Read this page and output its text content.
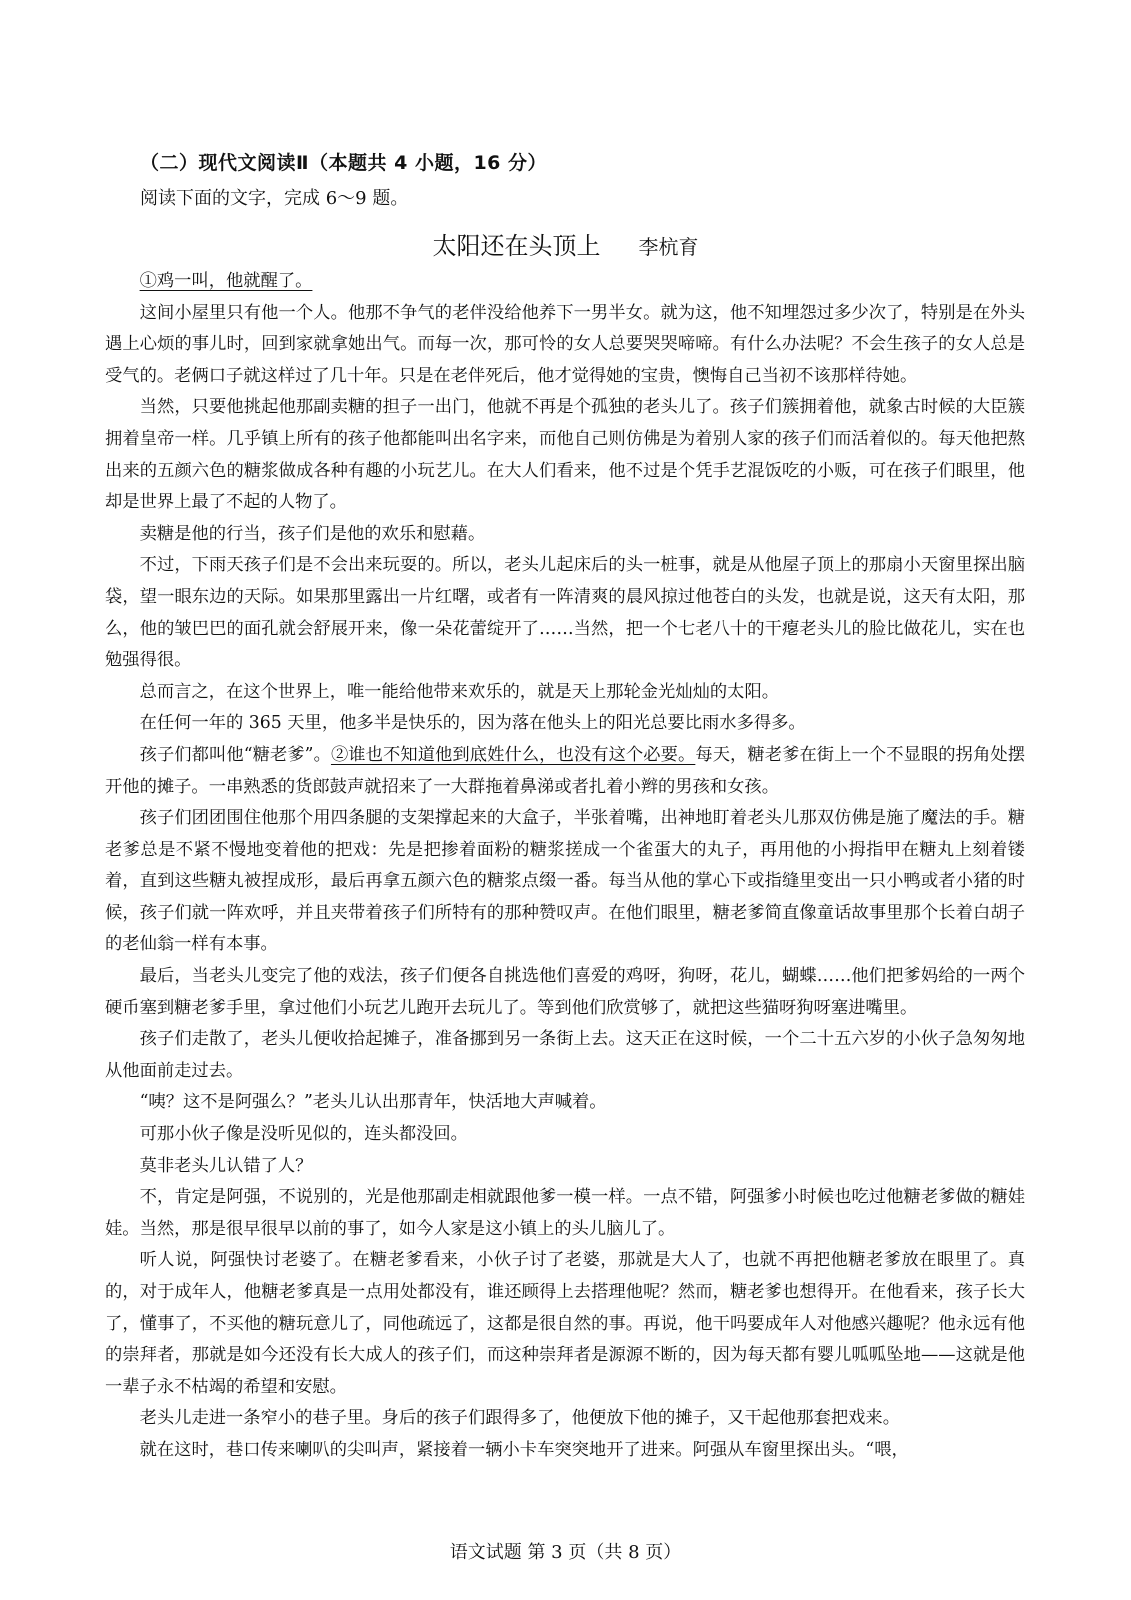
（二）现代文阅读Ⅱ（本题共 4 小题，16 分）
阅读下面的文字，完成 6～9 题。
太阳还在头顶上 李杭育

①鸡一叫，他就醒了。

这间小屋里只有他一个人。他那不争气的老伴没给他养下一男半女。就为这，他不知埋怨过多少次了，特别是在外头遇上心烦的事儿时，回到家就拿她出气。而每一次，那可怜的女人总要哭哭啼啼。有什么办法呢？不会生孩子的女人总是受气的。老俩口子就这样过了几十年。只是在老伴死后，他才觉得她的宝贵，懊悔自己当初不该那样待她。

当然，只要他挑起他那副卖糖的担子一出门，他就不再是个孤独的老头儿了。孩子们簇拥着他，就象古时候的大臣簇拥着皇帝一样。几乎镇上所有的孩子他都能叫出名字来，而他自己则仿佛是为着别人家的孩子们而活着似的。每天他把熬出来的五颜六色的糖浆做成各种有趣的小玩艺儿。在大人们看来，他不过是个凭手艺混饭吃的小贩，可在孩子们眼里，他却是世界上最了不起的人物了。

卖糖是他的行当，孩子们是他的欢乐和慰藉。

不过，下雨天孩子们是不会出来玩耍的。所以，老头儿起床后的头一桩事，就是从他屋子顶上的那扇小天窗里探出脑袋，望一眼东边的天际。如果那里露出一片红曙，或者有一阵清爽的晨风掠过他苍白的头发，也就是说，这天有太阳，那么，他的皱巴巴的面孔就会舒展开来，像一朵花蕾绽开了……当然，把一个七老八十的干瘪老头儿的脸比做花儿，实在也勉强得很。

总而言之，在这个世界上，唯一能给他带来欢乐的，就是天上那轮金光灿灿的太阳。

在任何一年的 365 天里，他多半是快乐的，因为落在他头上的阳光总要比雨水多得多。

孩子们都叫他“糖老爹”。②谁也不知道他到底姓什么，也没有这个必要。每天，糖老爹在街上一个不显眼的拐角处摆开他的摊子。一串熟悉的货郎鼓声就招来了一大群拖着鼻涕或者扎着小辫的男孩和女孩。

孩子们团团围住他那个用四条腿的支架撑起来的大盒子，半张着嘴，出神地盯着老头儿那双仿佛是施了魔法的手。糖老爹总是不紧不慢地变着他的把戏：先是把掺着面粉的糖浆搓成一个雀蛋大的丸子，再用他的小拇指甲在糖丸上刻着镂着，直到这些糖丸被捏成形，最后再拿五颜六色的糖浆点缀一番。每当从他的掌心下或指缝里变出一只小鸭或者小猪的时候，孩子们就一阵欢呼，并且夹带着孩子们所特有的那种赞叹声。在他们眼里，糖老爹简直像童话故事里那个长着白胡子的老仙翁一样有本事。

最后，当老头儿变完了他的戏法，孩子们便各自挑选他们喜爱的鸡呀，狗呀，花儿，蝴蝶……他们把爹妈给的一两个硬币塞到糖老爹手里，拿过他们小玩艺儿跑开去玩儿了。等到他们欣赏够了，就把这些猫呀狗呀塞进嘴里。

孩子们走散了，老头儿便收拾起摊子，准备挪到另一条街上去。这天正在这时候，一个二十五六岁的小伙子急匆匆地从他面前走过去。

“咦？这不是阿强么？”老头儿认出那青年，快活地大声喊着。

可那小伙子像是没听见似的，连头都没回。

莫非老头儿认错了人？

不，肯定是阿强，不说别的，光是他那副走相就跟他爹一模一样。一点不错，阿强爹小时候也吃过他糖老爹做的糖娃娃。当然，那是很早很早以前的事了，如今人家是这小镇上的头儿脑儿了。

听人说，阿强快讨老婆了。在糖老爹看来，小伙子讨了老婆，那就是大人了，也就不再把他糖老爹放在眼里了。真的，对于成年人，他糖老爹真是一点用处都没有，谁还顾得上去搭理他呢？然而，糖老爹也想得开。在他看来，孩子长大了，懂事了，不买他的糖玩意儿了，同他疏远了，这都是很自然的事。再说，他干吗要成年人对他感兴趣呢？他永远有他的崇拜者，那就是如今还没有长大成人的孩子们，而这种崇拜者是源源不断的，因为每天都有婴儿呱呱坠地——这就是他一辈子永不枯竭的希望和安慰。

老头儿走进一条窄小的巷子里。身后的孩子们跟得多了，他便放下他的摊子，又干起他那套把戏来。

就在这时，巷口传来喇叭的尖叫声，紧接着一辆小卡车突突地开了进来。阿强从车窗里探出头。“喂，

语文试题 第 3 页（共 8 页）
